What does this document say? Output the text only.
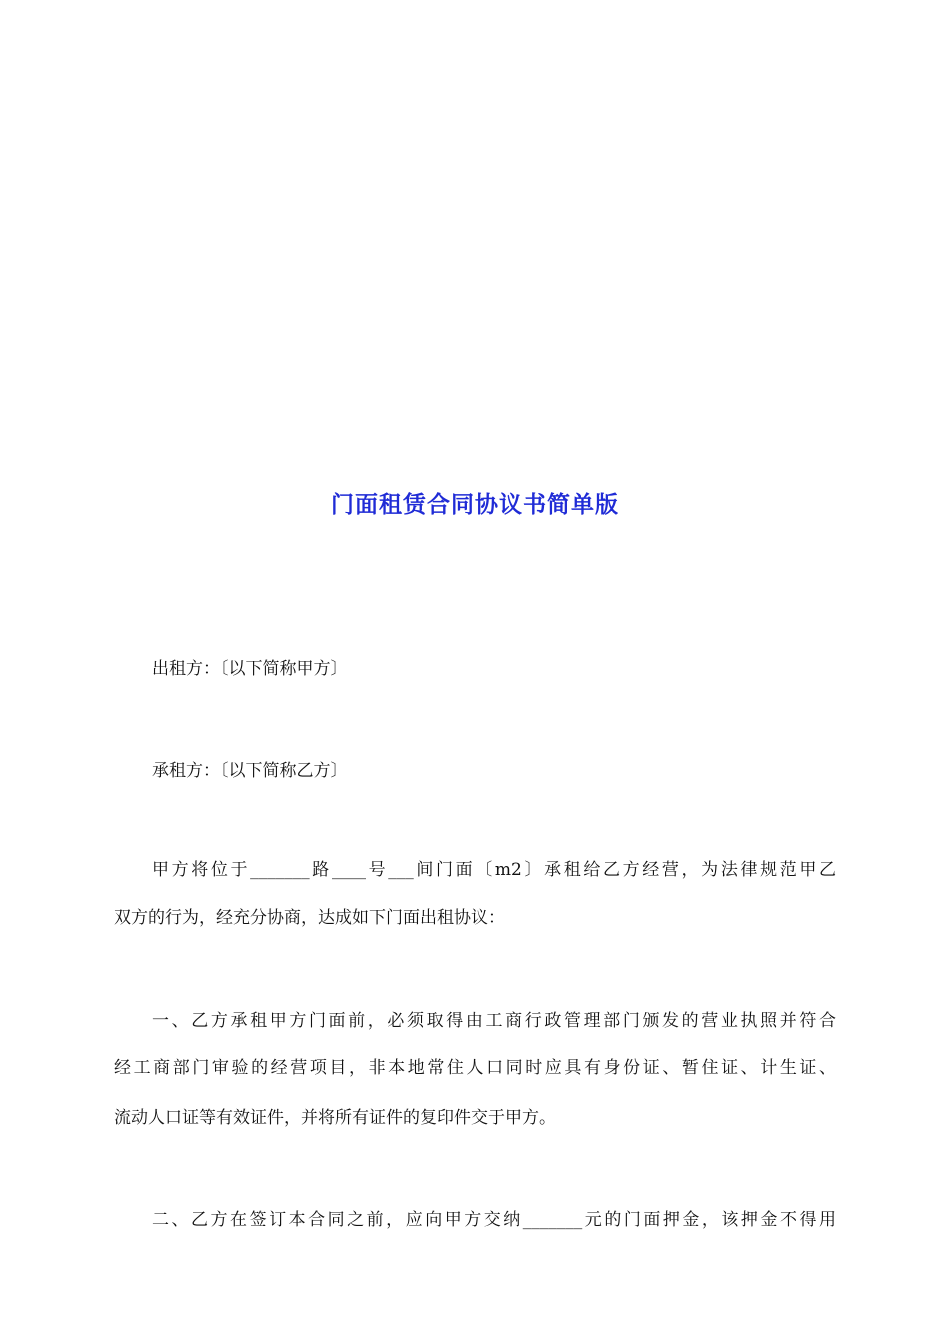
门面租赁合同协议书简单版

出租方：〔以下简称甲方〕

承租方：〔以下简称乙方〕

甲方将位于_______路____号___间门面〔m2〕承租给乙方经营，为法律规范甲乙

双方的行为，经充分协商，达成如下门面出租协议：

一、乙方承租甲方门面前，必须取得由工商行政管理部门颁发的营业执照并符合

经工商部门审验的经营项目，非本地常住人口同时应具有身份证、暂住证、计生证、

流动人口证等有效证件，并将所有证件的复印件交于甲方。

二、乙方在签订本合同之前，应向甲方交纳_______元的门面押金，该押金不得用
